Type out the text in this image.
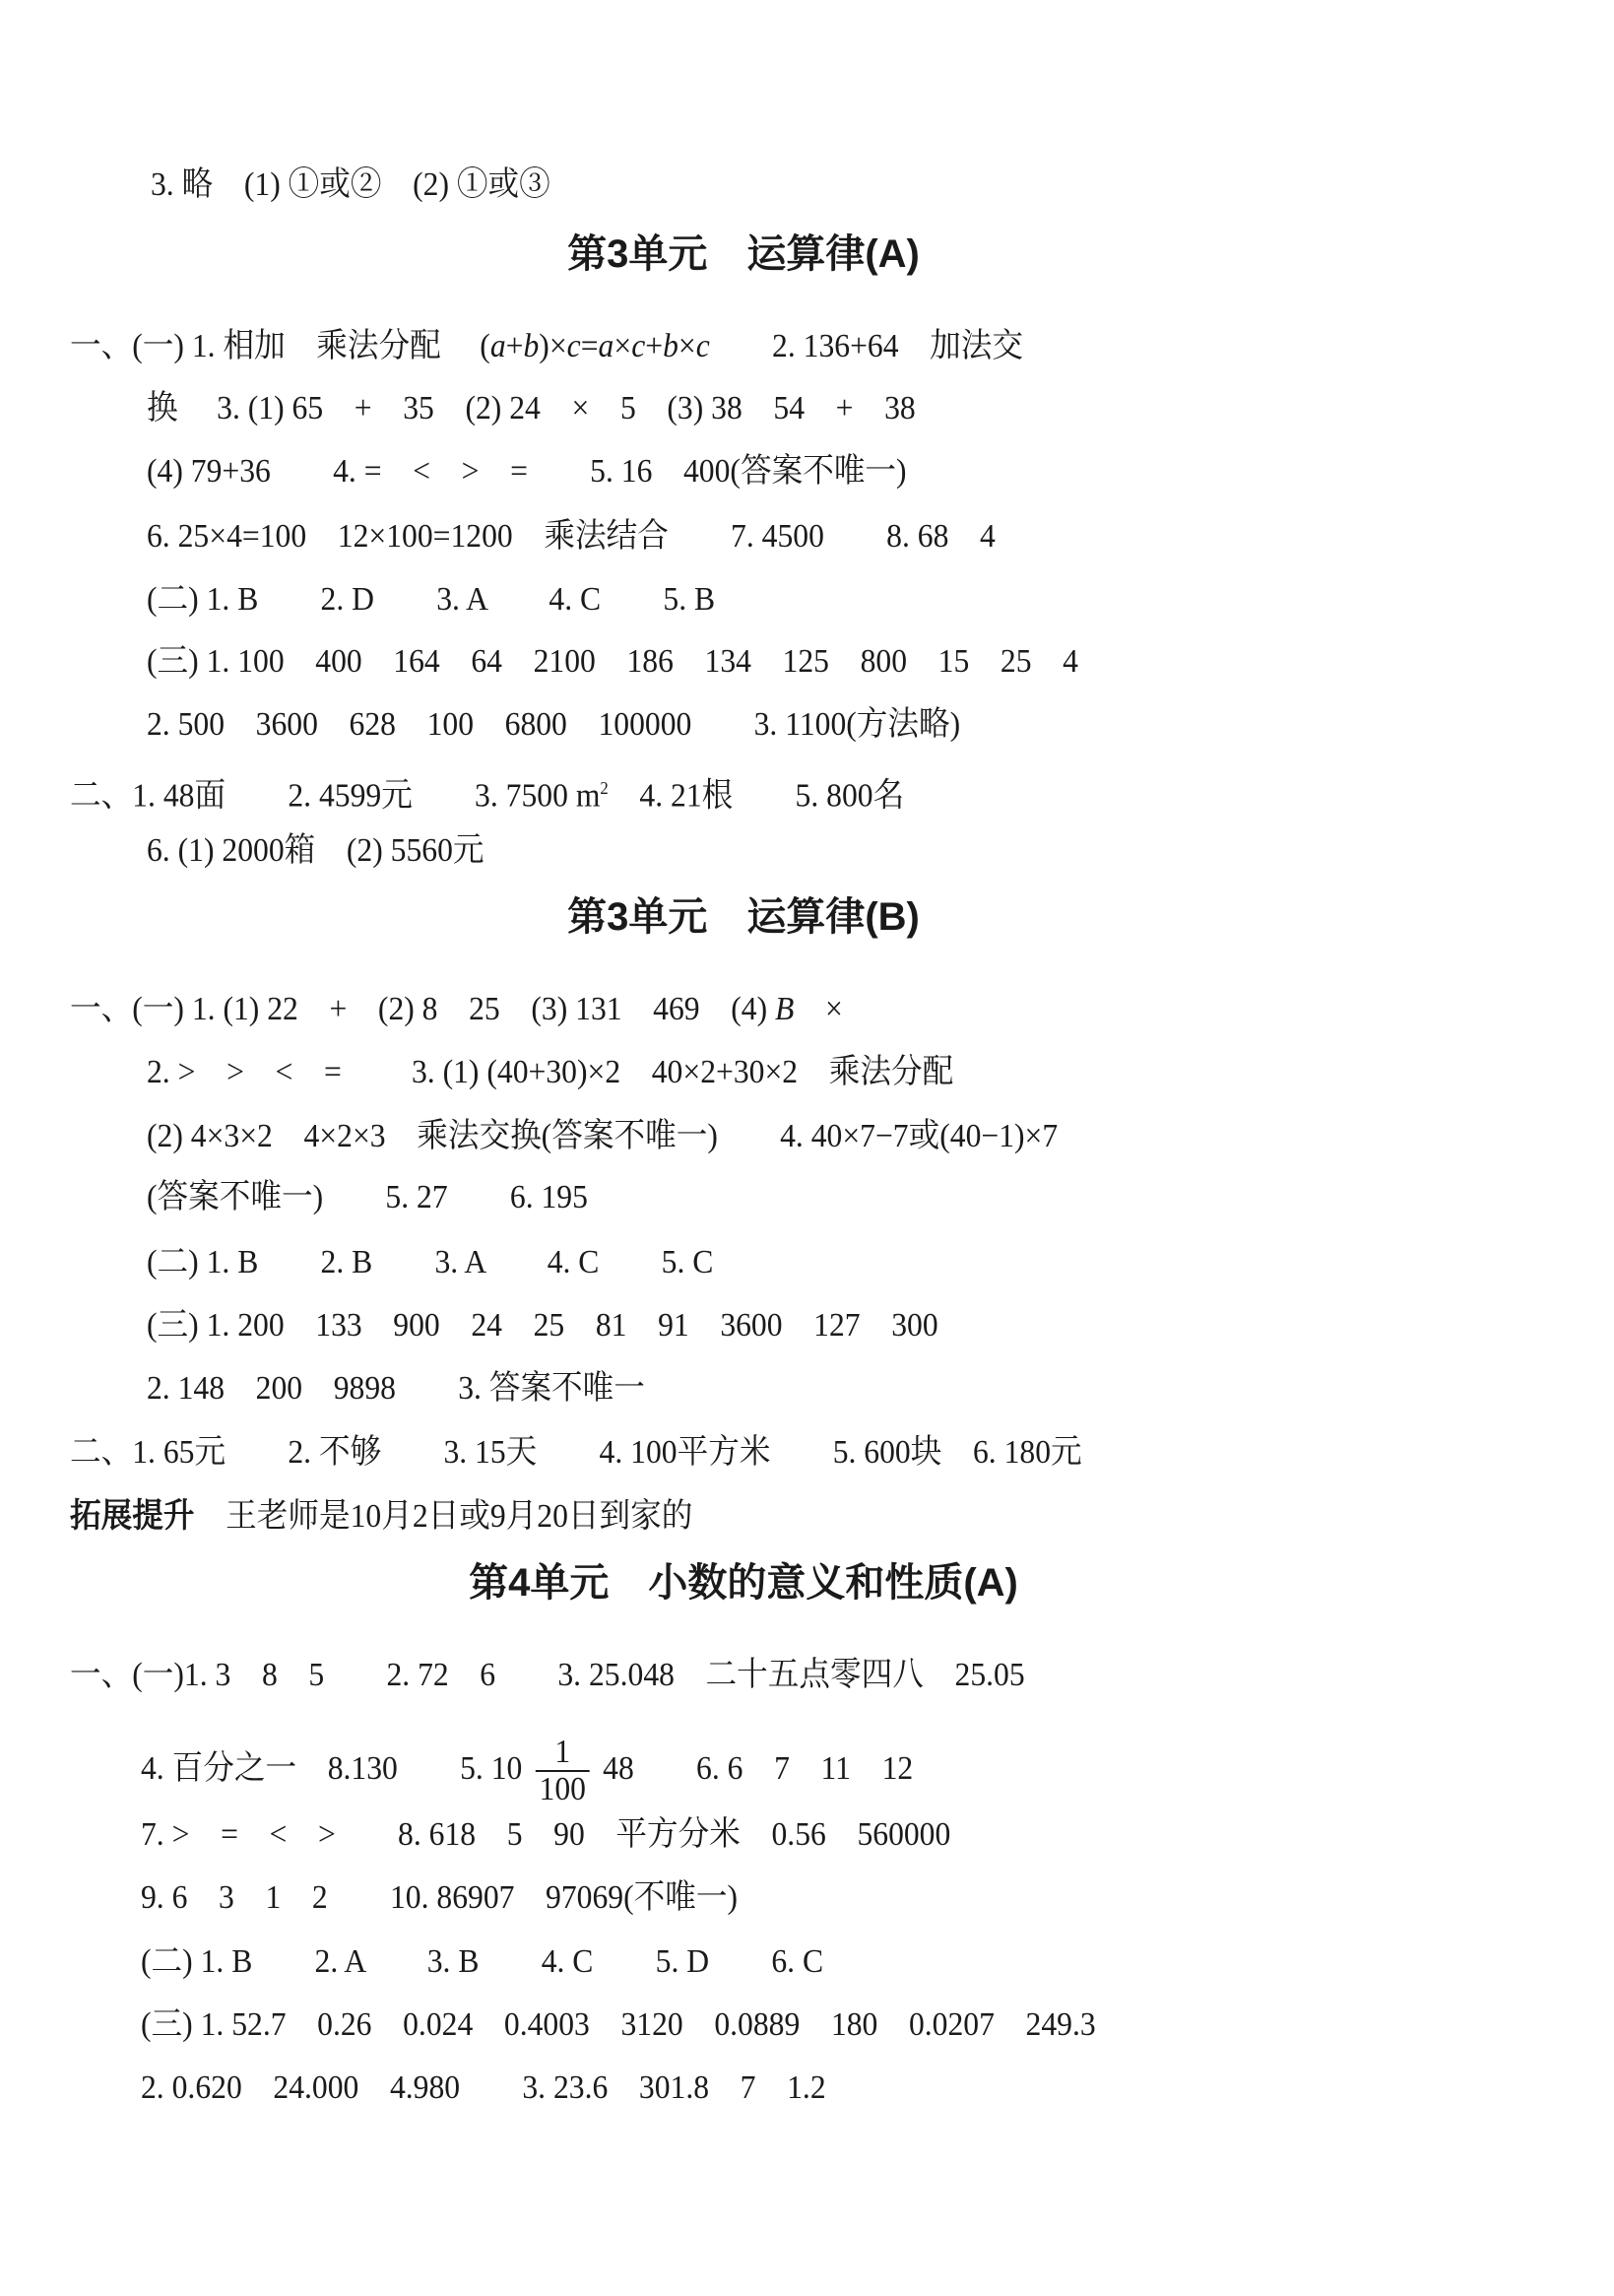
3. 略　(1) ①或②　(2) ①或③
第3单元　运算律(A)
一、(一) 1. 相加　乘法分配　 (a+b)×c=a×c+b×c　　2. 136+64　加法交
换　 3. (1) 65　+　35　(2) 24　×　5　(3) 38　54　+　38
(4) 79+36　　4. =　<　>　=　　5. 16　400(答案不唯一)
6. 25×4=100　12×100=1200　乘法结合　　7. 4500　　8. 68　4
(二) 1. B　　2. D　　3. A　　4. C　　5. B
(三) 1. 100　400　164　64　2100　186　134　125　800　15　25　4
2. 500　3600　628　100　6800　100000　　3. 1100(方法略)
二、1. 48面　　2. 4599元　　3. 7500 $m^2$　4. 21根　　5. 800名
6. (1) 2000箱　(2) 5560元
第3单元　运算律(B)
一、(一) 1. (1) 22　+　(2) 8　25　(3) 131　469　(4) B　×
2. >　>　<　=　　 3. (1) (40+30)×2　40×2+30×2　乘法分配
(2) 4×3×2　4×2×3　乘法交换(答案不唯一)　　4. 40×7−7或(40−1)×7
(答案不唯一)　　5. 27　　6. 195
(二) 1. B　　2. B　　3. A　　4. C　　5. C
(三) 1. 200　133　900　24　25　81　91　3600　127　300
2. 148　200　9898　　3. 答案不唯一
二、1. 65元　　2. 不够　　3. 15天　　4. 100平方米　　5. 600块　6. 180元
拓展提升　王老师是10月2日或9月20日到家的
第4单元　小数的意义和性质(A)
一、(一)1. 3　8　5　　2. 72　6　　3. 25.048　二十五点零四八　25.05
4. 百分之一　8.130　　5. $10 \frac{1}{100} 48$　　6. 6　7　11　12
7. >　=　<　>　　8. 618　5　90　平方分米　0.56　560000
9. 6　3　1　2　　10. 86907　97069(不唯一)
(二) 1. B　　2. A　　3. B　　4. C　　5. D　　6. C
(三) 1. 52.7　0.26　0.024　0.4003　3120　0.0889　180　0.0207　249.3
2. 0.620　24.000　4.980　　3. 23.6　301.8　7　1.2
